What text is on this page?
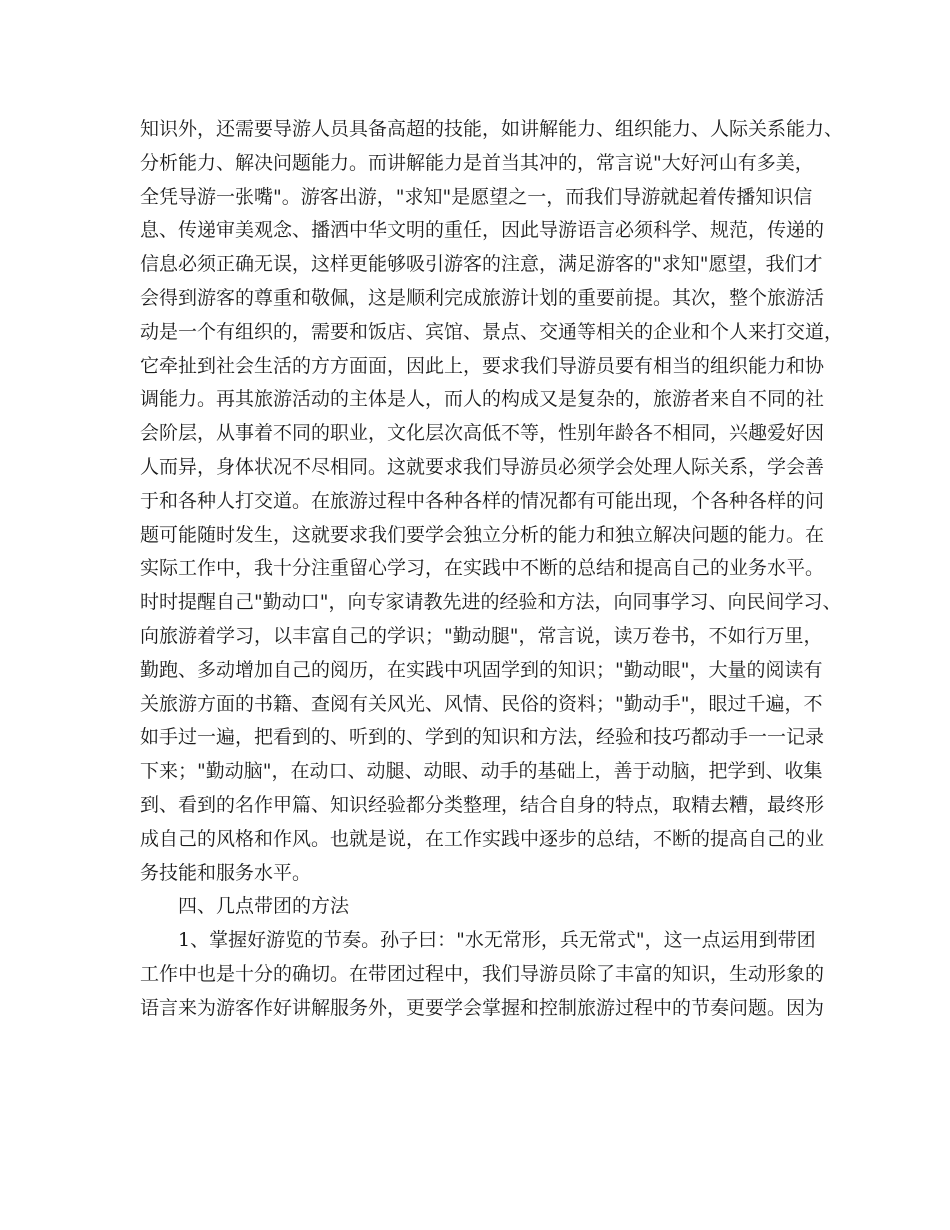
知识外，还需要导游人员具备高超的技能，如讲解能力、组织能力、人际关系能力、
分析能力、解决问题能力。而讲解能力是首当其冲的，常言说"大好河山有多美，
全凭导游一张嘴"。游客出游，"求知"是愿望之一，而我们导游就起着传播知识信
息、传递审美观念、播洒中华文明的重任，因此导游语言必须科学、规范，传递的
信息必须正确无误，这样更能够吸引游客的注意，满足游客的"求知"愿望，我们才
会得到游客的尊重和敬佩，这是顺利完成旅游计划的重要前提。其次，整个旅游活
动是一个有组织的，需要和饭店、宾馆、景点、交通等相关的企业和个人来打交道，
它牵扯到社会生活的方方面面，因此上，要求我们导游员要有相当的组织能力和协
调能力。再其旅游活动的主体是人，而人的构成又是复杂的，旅游者来自不同的社
会阶层，从事着不同的职业，文化层次高低不等，性别年龄各不相同，兴趣爱好因
人而异，身体状况不尽相同。这就要求我们导游员必须学会处理人际关系，学会善
于和各种人打交道。在旅游过程中各种各样的情况都有可能出现，个各种各样的问
题可能随时发生，这就要求我们要学会独立分析的能力和独立解决问题的能力。在
实际工作中，我十分注重留心学习，在实践中不断的总结和提高自己的业务水平。
时时提醒自己"勤动口"，向专家请教先进的经验和方法，向同事学习、向民间学习、
向旅游着学习，以丰富自己的学识；"勤动腿"，常言说，读万卷书，不如行万里，
勤跑、多动增加自己的阅历，在实践中巩固学到的知识；"勤动眼"，大量的阅读有
关旅游方面的书籍、查阅有关风光、风情、民俗的资料；"勤动手"，眼过千遍，不
如手过一遍，把看到的、听到的、学到的知识和方法，经验和技巧都动手一一记录
下来；"勤动脑"，在动口、动腿、动眼、动手的基础上，善于动脑，把学到、收集
到、看到的名作甲篇、知识经验都分类整理，结合自身的特点，取精去糟，最终形
成自己的风格和作风。也就是说，在工作实践中逐步的总结，不断的提高自己的业
务技能和服务水平。
四、几点带团的方法
1、掌握好游览的节奏。孙子曰："水无常形，兵无常式"，这一点运用到带团
工作中也是十分的确切。在带团过程中，我们导游员除了丰富的知识，生动形象的
语言来为游客作好讲解服务外，更要学会掌握和控制旅游过程中的节奏问题。因为
